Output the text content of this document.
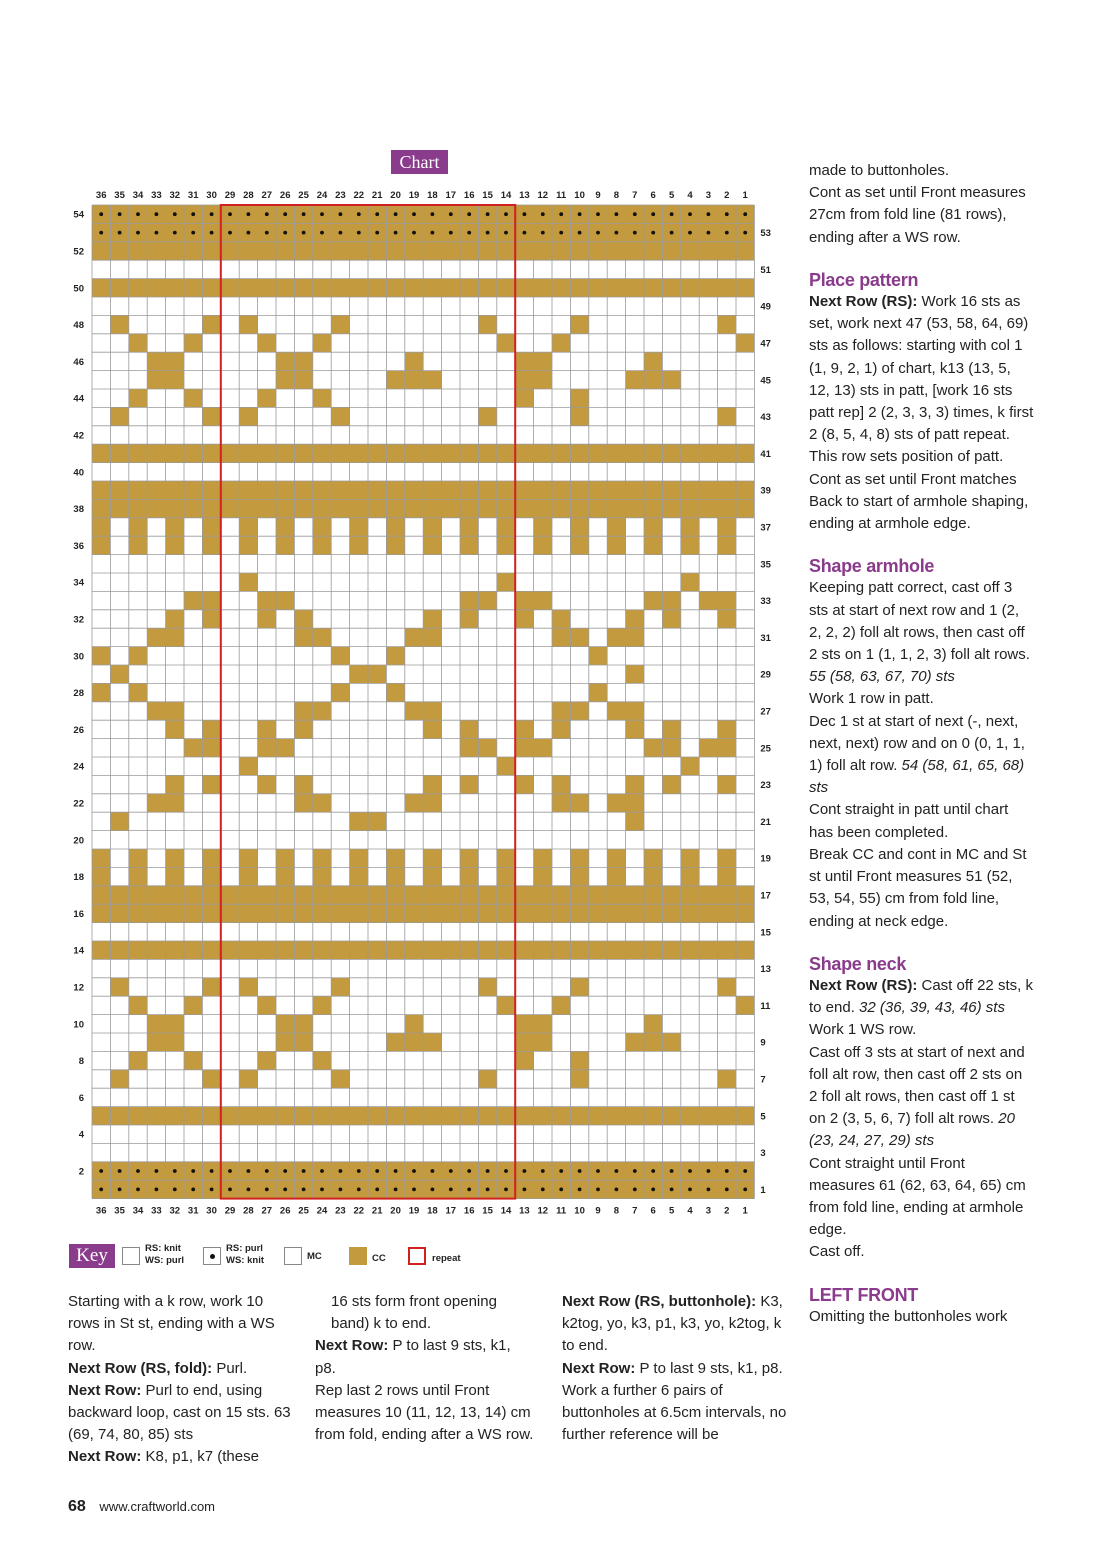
Chart
36
36
35
35
34
34
33
33
32
32
31
31
30
30
29
29
28
28
27
27
26
26
25
25
24
24
23
23
22
22
21
21
20
20
19
19
18
18
17
17
16
16
15
15
14
14
13
13
12
12
11
11
10
10
9
9
8
8
7
7
6
6
5
5
4
4
3
3
2
2
1
1
54
53
52
51
50
49
48
47
46
45
44
43
42
41
40
39
38
37
36
35
34
33
32
31
30
29
28
27
26
25
24
23
22
21
20
19
18
17
16
15
14
13
12
11
10
9
8
7
6
5
4
3
2
1
Key	RS: knit
WS: purl
RS: purl
WS: knit	MC	CC	repeat

Starting with a k row, work 10 rows in St st, ending with a WS row.

Next Row (RS, fold): Purl.

Next Row: Purl to end, using backward loop, cast on 15 sts. 63 (69, 74, 80, 85) sts

Next Row: K8, p1, k7 (these

16 sts form front opening band) k to end.

Next Row: P to last 9 sts, k1, p8.

Rep last 2 rows until Front measures 10 (11, 12, 13, 14) cm from fold, ending after a WS row.

Next Row (RS, buttonhole): K3, k2tog, yo, k3, p1, k3, yo, k2tog, k to end.

Next Row: P to last 9 sts, k1, p8.

Work a further 6 pairs of buttonholes at 6.5cm intervals, no further reference will be

made to buttonholes.

Cont as set until Front measures 27cm from fold line (81 rows), ending after a WS row.

Place pattern

Next Row (RS): Work 16 sts as set, work next 47 (53, 58, 64, 69) sts as follows: starting with col 1 (1, 9, 2, 1) of chart, k13 (13, 5, 12, 13) sts in patt, [work 16 sts patt rep] 2 (2, 3, 3, 3) times, k first 2 (8, 5, 4, 8) sts of patt repeat.

This row sets position of patt.

Cont as set until Front matches Back to start of armhole shaping, ending at armhole edge.

Shape armhole

Keeping patt correct, cast off 3 sts at start of next row and 1 (2, 2, 2, 2) foll alt rows, then cast off 2 sts on 1 (1, 1, 2, 3) foll alt rows. 55 (58, 63, 67, 70) sts

Work 1 row in patt.

Dec 1 st at start of next (-, next, next, next) row and on 0 (0, 1, 1, 1) foll alt row. 54 (58, 61, 65, 68) sts

Cont straight in patt until chart has been completed.

Break CC and cont in MC and St st until Front measures 51 (52, 53, 54, 55) cm from fold line, ending at neck edge.

Shape neck

Next Row (RS): Cast off 22 sts, k to end. 32 (36, 39, 43, 46) sts

Work 1 WS row.

Cast off 3 sts at start of next and foll alt row, then cast off 2 sts on 2 foll alt rows, then cast off 1 st on 2 (3, 5, 6, 7) foll alt rows. 20 (23, 24, 27, 29) sts

Cont straight until Front measures 61 (62, 63, 64, 65) cm from fold line, ending at armhole edge.

Cast off.

LEFT FRONT

Omitting the buttonholes work

68 www.craftworld.com
